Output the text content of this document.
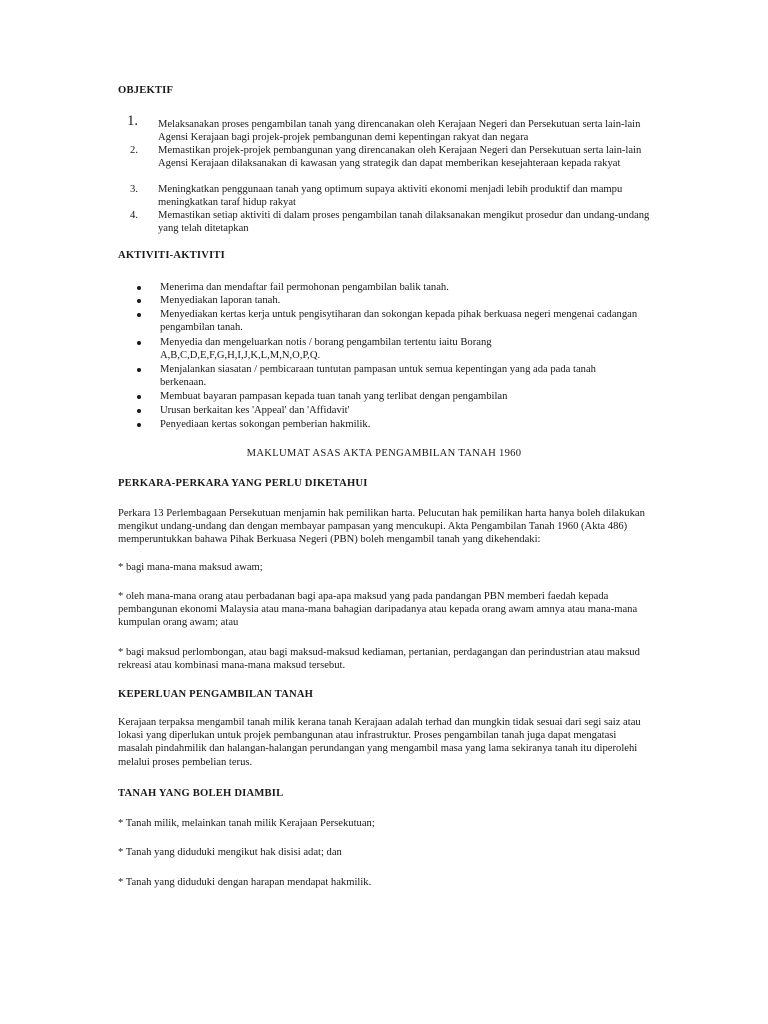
OBJEKTIF
1. Melaksanakan proses pengambilan tanah yang direncanakan oleh Kerajaan Negeri dan Persekutuan serta lain-lain Agensi Kerajaan bagi projek-projek pembangunan demi kepentingan rakyat dan negara
2. Memastikan projek-projek pembangunan yang direncanakan oleh Kerajaan Negeri dan Persekutuan serta lain-lain Agensi Kerajaan dilaksanakan di kawasan yang strategik dan dapat memberikan kesejahteraan kepada rakyat
3. Meningkatkan penggunaan tanah yang optimum supaya aktiviti ekonomi menjadi lebih produktif dan mampu meningkatkan taraf hidup rakyat
4. Memastikan setiap aktiviti di dalam proses pengambilan tanah dilaksanakan mengikut prosedur dan undang-undang yang telah ditetapkan
AKTIVITI-AKTIVITI
Menerima dan mendaftar fail permohonan pengambilan balik tanah.
Menyediakan laporan tanah.
Menyediakan kertas kerja untuk pengisytiharan dan sokongan kepada pihak berkuasa negeri mengenai cadangan pengambilan tanah.
Menyedia dan mengeluarkan notis / borang pengambilan tertentu iaitu Borang A,B,C,D,E,F,G,H,I,J,K,L,M,N,O,P,Q.
Menjalankan siasatan / pembicaraan tuntutan pampasan untuk semua kepentingan yang ada pada tanah berkenaan.
Membuat bayaran pampasan kepada tuan tanah yang terlibat dengan pengambilan
Urusan berkaitan kes 'Appeal' dan 'Affidavit'
Penyediaan kertas sokongan pemberian hakmilik.
MAKLUMAT ASAS AKTA PENGAMBILAN TANAH 1960
PERKARA-PERKARA YANG PERLU DIKETAHUI

Perkara 13 Perlembagaan Persekutuan menjamin hak pemilikan harta. Pelucutan hak pemilikan harta hanya boleh dilakukan mengikut undang-undang dan dengan membayar pampasan yang mencukupi. Akta Pengambilan Tanah 1960 (Akta 486) memperuntukkan bahawa Pihak Berkuasa Negeri (PBN) boleh mengambil tanah yang dikehendaki:

* bagi mana-mana maksud awam;

* oleh mana-mana orang atau perbadanan bagi apa-apa maksud yang pada pandangan PBN memberi faedah kepada pembangunan ekonomi Malaysia atau mana-mana bahagian daripadanya atau kepada orang awam amnya atau mana-mana kumpulan orang awam; atau

* bagi maksud perlombongan, atau bagi maksud-maksud kediaman, pertanian, perdagangan dan perindustrian atau maksud rekreasi atau kombinasi mana-mana maksud tersebut.

KEPERLUAN PENGAMBILAN TANAH

Kerajaan terpaksa mengambil tanah milik kerana tanah Kerajaan adalah terhad dan mungkin tidak sesuai dari segi saiz atau lokasi yang diperlukan untuk projek pembangunan atau infrastruktur. Proses pengambilan tanah juga dapat mengatasi masalah pindahmilik dan halangan-halangan perundangan yang mengambil masa yang lama sekiranya tanah itu diperolehi melalui proses pembelian terus.

TANAH YANG BOLEH DIAMBIL
* Tanah milik, melainkan tanah milik Kerajaan Persekutuan;
* Tanah yang diduduki mengikut hak disisi adat; dan
* Tanah yang diduduki dengan harapan mendapat hakmilik.
